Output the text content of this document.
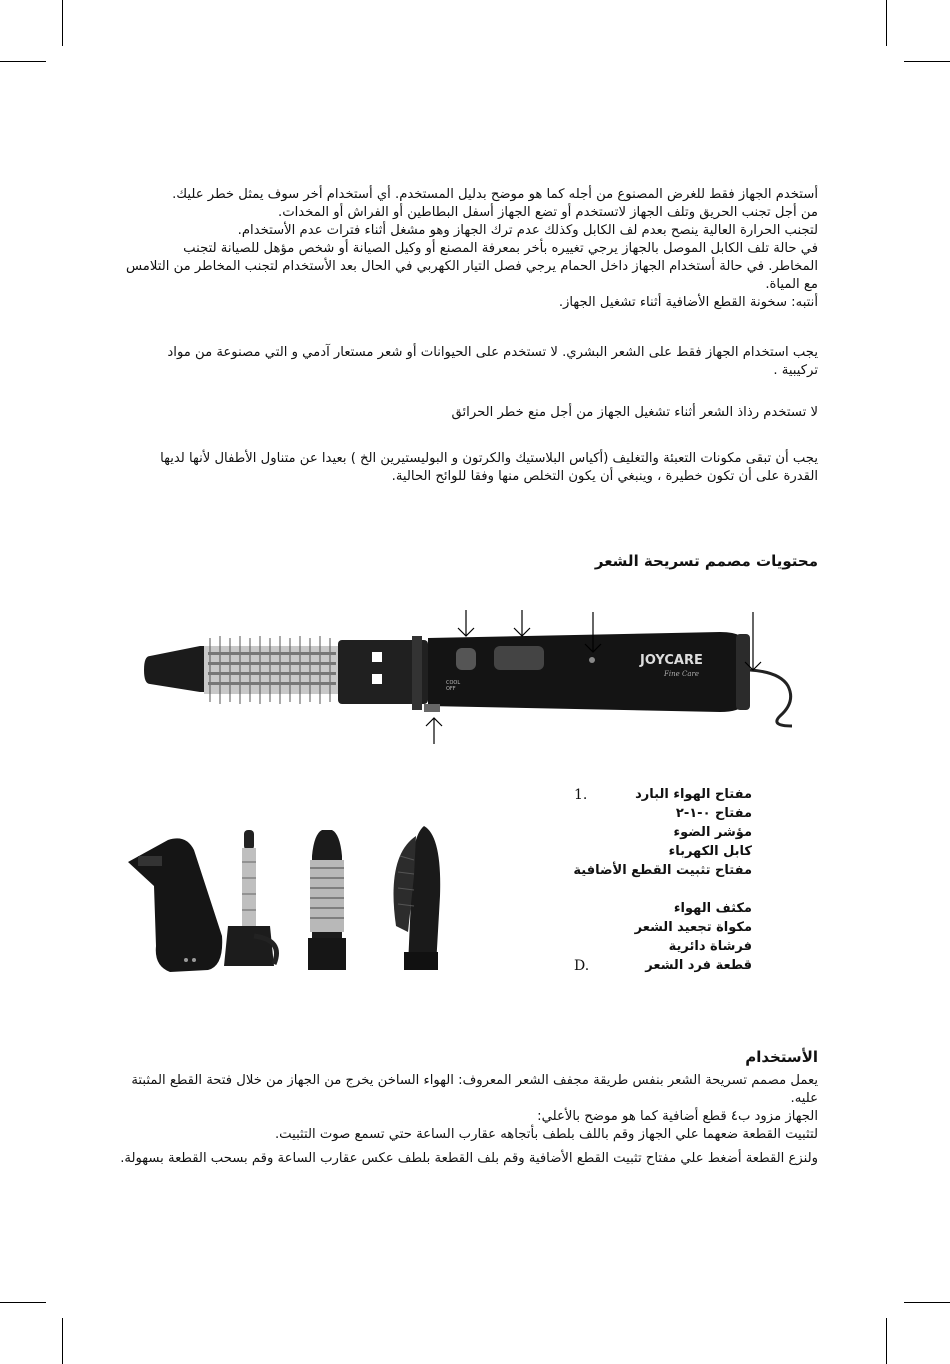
أستخدم الجهاز فقط للغرض المصنوع من أجله كما هو موضح بدليل المستخدم. أي أستخدام أخر سوف يمثل خطر عليك.
من أجل تجنب الحريق وتلف الجهاز لاتستخدم أو تضع الجهاز أسفل البطاطين أو الفراش أو المخدات.
لتجنب الحرارة العالية ينصح بعدم لف الكابل وكذلك عدم ترك الجهاز وهو مشغل أثناء فترات عدم الأستخدام.
في حالة تلف الكابل الموصل بالجهاز يرجي تغييره بأخر بمعرفة المصنع أو وكيل الصيانة أو شخص مؤهل للصيانة لتجنب
المخاطر. في حالة أستخدام الجهاز داخل الحمام يرجي فصل التيار الكهربي في الحال بعد الأستخدام لتجنب المخاطر من التلامس
مع المياة.
أنتبه: سخونة القطع الأضافية أثناء تشغيل الجهاز.
يجب استخدام الجهاز فقط على الشعر البشري. لا تستخدم على الحيوانات أو شعر مستعار آدمي و التي مصنوعة من مواد
تركيبية .
لا تستخدم رذاذ الشعر أثناء تشغيل الجهاز من أجل منع خطر الحرائق
يجب أن تبقى مكونات التعبئة والتغليف (أكياس البلاستيك والكرتون و البوليستيرين الخ ) بعيدا عن متناول الأطفال لأنها لديها
القدرة على أن تكون خطيرة ، وينبغي أن يكون التخلص منها وفقا للوائح الحالية.
محتويات مصمم تسريحة الشعر
JOYCARE
Fine Care
COOL
OFF
1.
D.
مفتاح الهواء البارد
مفتاح ٠-١-٢
مؤشر الضوء
كابل الكهرباء
مفتاح تثبيت القطع الأضافية
مكثف الهواء
مكواة تجعيد الشعر
فرشاة دائرية
قطعة فرد الشعر
الأستخدام
يعمل مصمم تسريحة الشعر بنفس طريقة مجفف الشعر المعروف: الهواء الساخن يخرج من الجهاز من خلال فتحة القطع المثبتة
عليه.
الجهاز مزود ب٤ قطع أضافية كما هو موضح بالأعلي:
لتثبيت القطعة ضعهما علي الجهاز وقم باللف بلطف بأتجاهه عقارب الساعة حتي تسمع صوت التثبيت.
ولنزع القطعة أضغط علي مفتاح تثبيت القطع الأضافية وقم بلف القطعة بلطف عكس عقارب الساعة وقم بسحب القطعة بسهولة.
